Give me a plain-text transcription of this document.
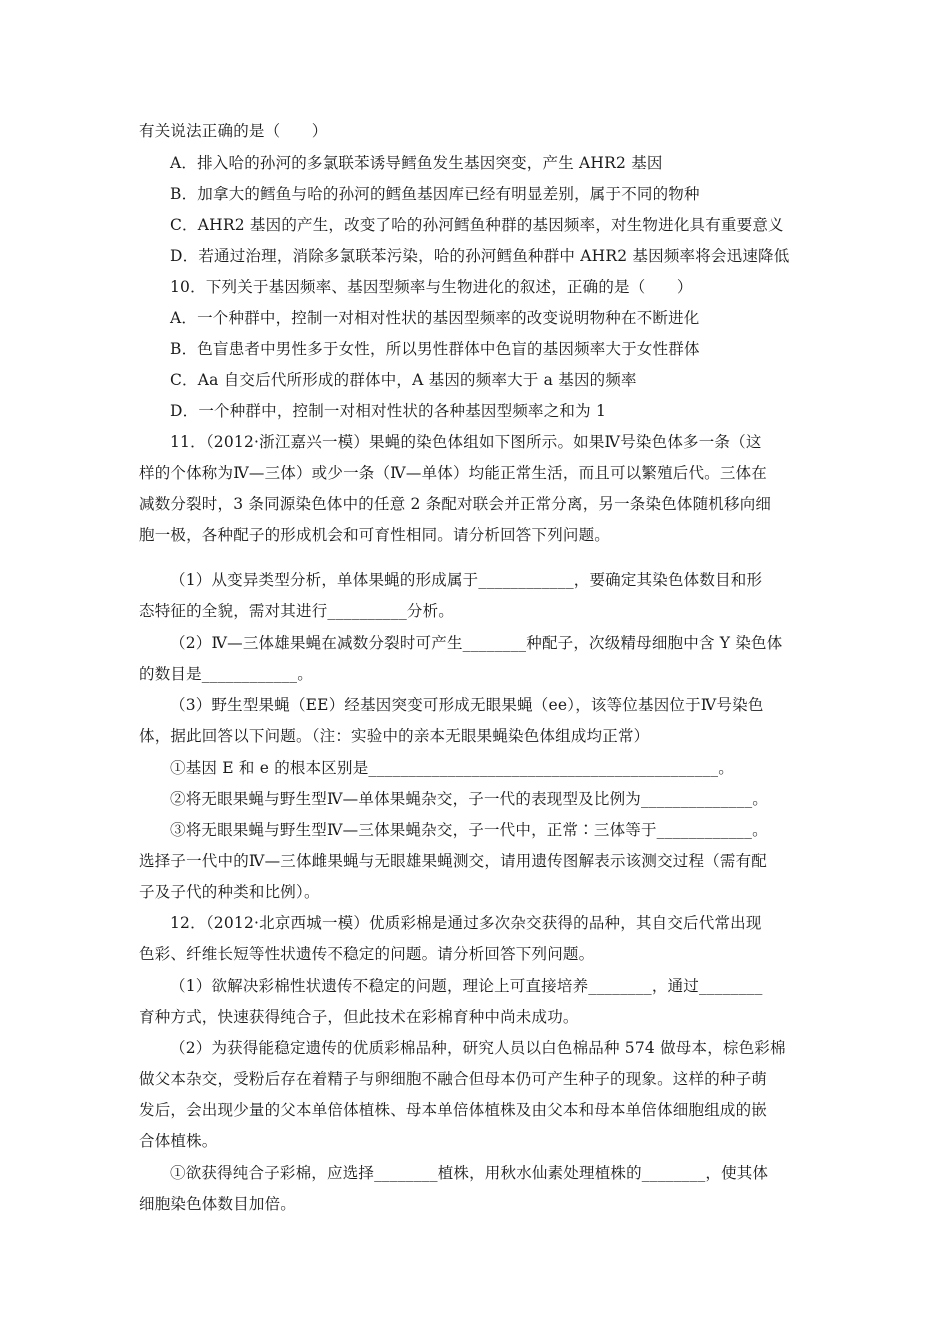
有关说法正确的是（　　）
A．排入哈的孙河的多氯联苯诱导鳕鱼发生基因突变，产生 AHR2 基因
B．加拿大的鳕鱼与哈的孙河的鳕鱼基因库已经有明显差别，属于不同的物种
C．AHR2 基因的产生，改变了哈的孙河鳕鱼种群的基因频率，对生物进化具有重要意义
D．若通过治理，消除多氯联苯污染，哈的孙河鳕鱼种群中 AHR2 基因频率将会迅速降低
10．下列关于基因频率、基因型频率与生物进化的叙述，正确的是（　　）
A．一个种群中，控制一对相对性状的基因型频率的改变说明物种在不断进化
B．色盲患者中男性多于女性，所以男性群体中色盲的基因频率大于女性群体
C．Aa 自交后代所形成的群体中，A 基因的频率大于 a 基因的频率
D．一个种群中，控制一对相对性状的各种基因型频率之和为 1
11．（2012·浙江嘉兴一模）果蝇的染色体组如下图所示。如果Ⅳ号染色体多一条（这
样的个体称为Ⅳ—三体）或少一条（Ⅳ—单体）均能正常生活，而且可以繁殖后代。三体在
减数分裂时，3 条同源染色体中的任意 2 条配对联会并正常分离，另一条染色体随机移向细
胞一极，各种配子的形成机会和可育性相同。请分析回答下列问题。
（1）从变异类型分析，单体果蝇的形成属于____________，要确定其染色体数目和形
态特征的全貌，需对其进行__________分析。
（2）Ⅳ—三体雄果蝇在减数分裂时可产生________种配子，次级精母细胞中含 Y 染色体
的数目是____________。
（3）野生型果蝇（EE）经基因突变可形成无眼果蝇（ee），该等位基因位于Ⅳ号染色
体，据此回答以下问题。（注：实验中的亲本无眼果蝇染色体组成均正常）
①基因 E 和 e 的根本区别是____________________________________________。
②将无眼果蝇与野生型Ⅳ—单体果蝇杂交，子一代的表现型及比例为______________。
③将无眼果蝇与野生型Ⅳ—三体果蝇杂交，子一代中，正常∶三体等于____________。
选择子一代中的Ⅳ—三体雌果蝇与无眼雄果蝇测交，请用遗传图解表示该测交过程（需有配
子及子代的种类和比例）。
12．（2012·北京西城一模）优质彩棉是通过多次杂交获得的品种，其自交后代常出现
色彩、纤维长短等性状遗传不稳定的问题。请分析回答下列问题。
（1）欲解决彩棉性状遗传不稳定的问题，理论上可直接培养________，通过________
育种方式，快速获得纯合子，但此技术在彩棉育种中尚未成功。
（2）为获得能稳定遗传的优质彩棉品种，研究人员以白色棉品种 574 做母本，棕色彩棉
做父本杂交，受粉后存在着精子与卵细胞不融合但母本仍可产生种子的现象。这样的种子萌
发后，会出现少量的父本单倍体植株、母本单倍体植株及由父本和母本单倍体细胞组成的嵌
合体植株。
①欲获得纯合子彩棉，应选择________植株，用秋水仙素处理植株的________，使其体
细胞染色体数目加倍。
